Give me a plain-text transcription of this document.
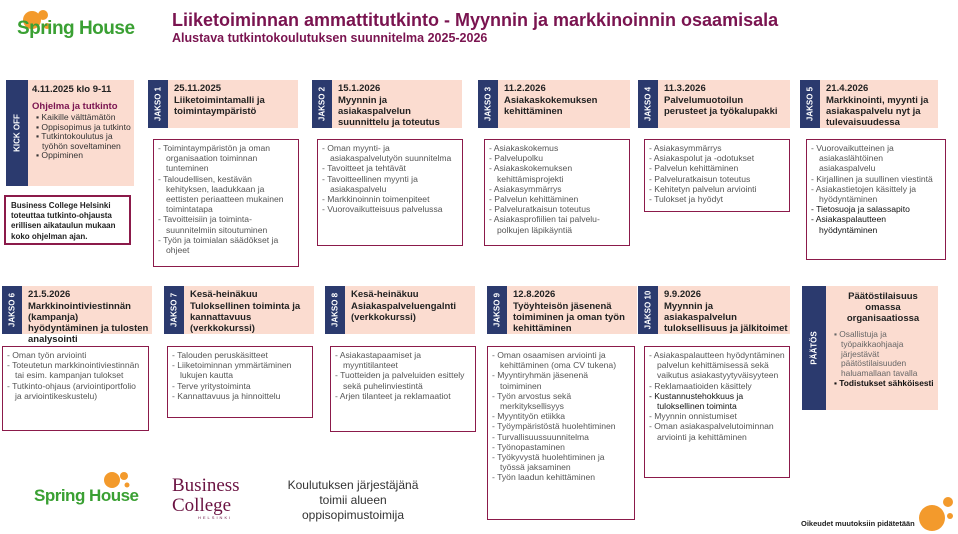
Spring House Liiketoiminnan ammattitutkinto - Myynnin ja markkinoinnin osaamisala
Alustava tutkintokoulutuksen suunnitelma 2025-2026
KICK OFF
4.11.2025 klo 9-11
Ohjelma ja tutkinto
▪ Kaikille välttämätön
▪ Oppisopimus ja tutkinto
▪ Tutkintokoulutus ja työhön soveltaminen
▪ Oppiminen
Business College Helsinki toteuttaa tutkinto-ohjausta erillisen aikataulun mukaan koko ohjelman ajan.
JAKSO 1 25.11.2025
Liiketoimintamalli ja toimintaympäristö
- Toimintaympäristön ja oman organisaation toiminnan tunteminen
- Taloudellisen, kestävän kehityksen, laadukkaan ja eettisten periaatteen mukainen toimintatapa
- Tavoitteisiin ja toiminta-suunnitelmiin sitoutuminen
- Työn ja toimialan säädökset ja ohjeet
JAKSO 2 15.1.2026
Myynnin ja asiakaspalvelun suunnittelu ja toteutus
- Oman myynti- ja asiakaspalvelutyön suunnitelma
- Tavoitteet ja tehtävät
- Tavoitteellinen myynti ja asiakaspalvelu
- Markkinoinnin toimenpiteet
- Vuorovaikutteisuus palvelussa
JAKSO 3 11.2.2026
Asiakaskokemuksen kehittäminen
- Asiakaskokemus
- Palvelupolku
- Asiakaskokemuksen kehittämisprojekti
- Asiakasymmärrys
- Palvelun kehittäminen
- Palveluratkaisun toteutus
- Asiakasprofiilien tai palvelu-polkujen läpikäyntiä
JAKSO 4 11.3.2026
Palvelumuotoilun perusteet ja työkalupakki
- Asiakasymmärrys
- Asiakaspolut ja -odotukset
- Palvelun kehittäminen
- Palveluratkaisun toteutus
- Kehitetyn palvelun arviointi
- Tulokset ja hyödyt
JAKSO 5 21.4.2026
Markkinointi, myynti ja asiakaspalvelu nyt ja tulevaisuudessa
- Vuorovaikutteinen ja asiakaslähtöinen asiakaspalvelu
- Kirjallinen ja suullinen viestintä
- Asiakastietojen käsittely ja hyödyntäminen
- Tietosuoja ja salassapito
- Asiakaspalautteen hyödyntäminen
JAKSO 6 21.5.2026
Markkinointiviestinnän (kampanja) hyödyntäminen ja tulosten analysointi
- Oman työn arviointi
- Toteutetun markkinointiviestinnän tai esim. kampanjan tulokset
- Tutkinto-ohjaus (arviointiportfolio ja arviointikeskustelu)
JAKSO 7 Kesä-heinäkuu
Tuloksellinen toiminta ja kannattavuus (verkkokurssi)
- Talouden peruskäsitteet
- Liiketoiminnan ymmärtäminen lukujen kautta
- Terve yritystoiminta
- Kannattavuus ja hinnoittelu
JAKSO 8 Kesä-heinäkuu
Asiakaspalveluengalnti (verkkokurssi)
- Asiakastapaamiset ja myyntitilanteet
- Tuotteiden ja palveluiden esittely sekä puhelinviestintä
- Arjen tilanteet ja reklamaatiot
JAKSO 9 12.8.2026
Työyhteisön jäsenenä toimiminen ja oman työn kehittäminen
- Oman osaamisen arviointi ja kehittäminen (oma CV tukena)
- Myyntiryhmän jäsenenä toimiminen
- Työn arvostus sekä merkityksellisyys
- Myyntityön etiikka
- Työympäristöstä huolehtiminen
- Turvallisuussuunnitelma
- Työnopastaminen
- Työkyvystä huolehtiminen ja työssä jaksaminen
- Työn laadun kehittäminen
JAKSO 10 9.9.2026
Myynnin ja asiakaspalvelun tuloksellisuus ja jälkitoimet
- Asiakaspalautteen hyödyntäminen palvelun kehittämisessä sekä vaikutus asiakastyytyväisyyteen
- Reklamaatioiden käsittely
- Kustannustehokkuus ja tuloksellinen toiminta
- Myynnin onnistumiset
- Oman asiakaspalvelutoiminnan arviointi ja kehittäminen
PÄÄTÖS
Päätöstilaisuus omassa organisaatiossa
▪ Osallistuja ja työpaikkaohjaaja järjestävät päätöstilaisuuden haluamallaan tavalla
▪ Todistukset sähköisesti
Spring House Business
College
HELSINKI
Koulutuksen järjestäjänä toimii alueen oppisopimustoimija
Oikeudet muutoksiin pidätetään
